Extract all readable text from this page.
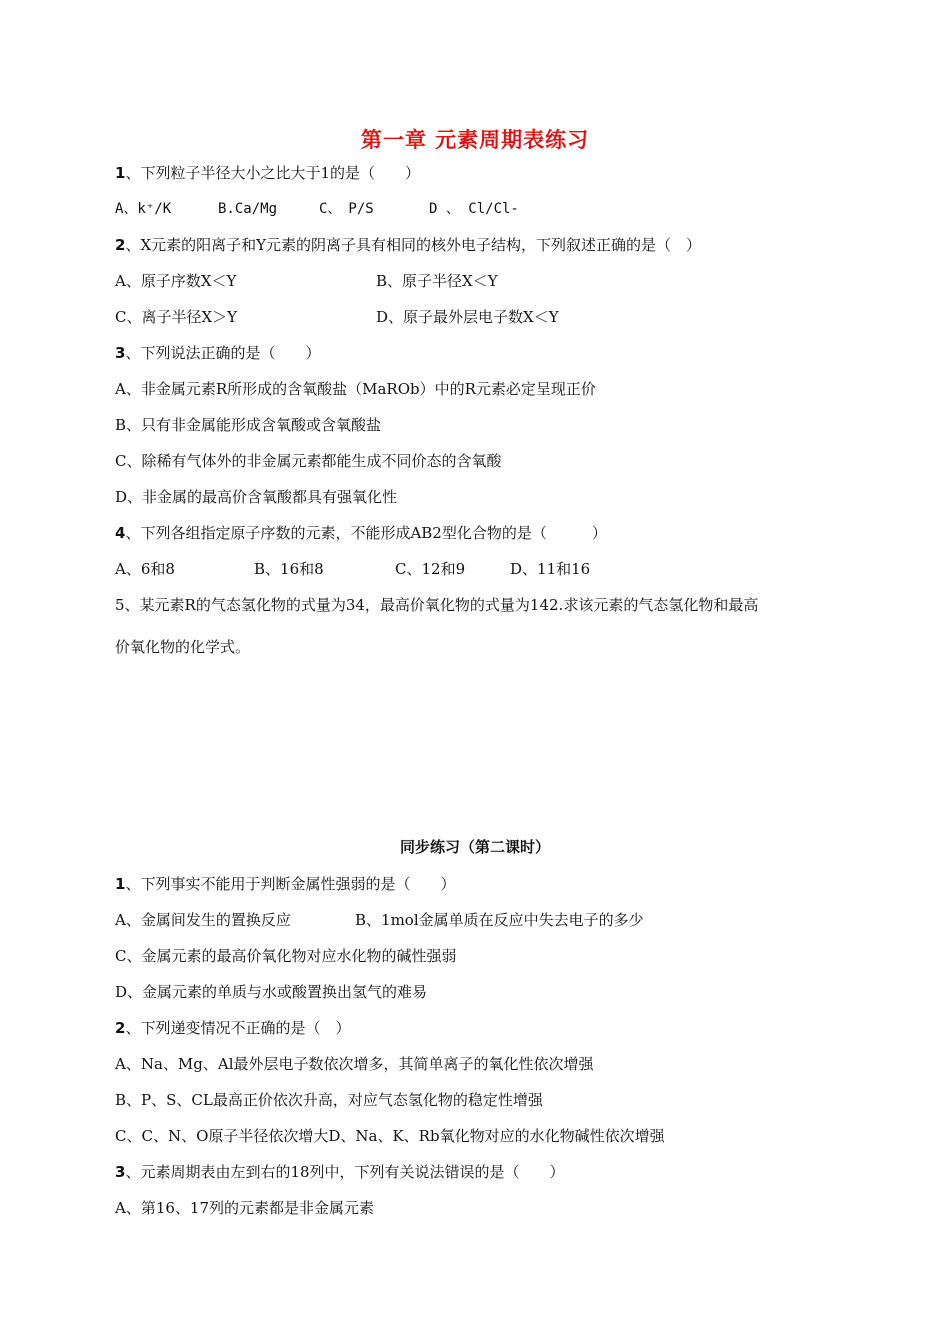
第一章 元素周期表练习
1、下列粒子半径大小之比大于1的是（　　）
A、k⁺/K	B.Ca/Mg	C、　P/S	D 、 Cl/Cl-
2、X元素的阳离子和Y元素的阴离子具有相同的核外电子结构，下列叙述正确的是（　）
A、原子序数X＜Y	B、原子半径X＜Y
C、离子半径X＞Y	D、原子最外层电子数X＜Y
3、下列说法正确的是（　　）
A、非金属元素R所形成的含氧酸盐（MaROb）中的R元素必定呈现正价
B、只有非金属能形成含氧酸或含氧酸盐
C、除稀有气体外的非金属元素都能生成不同价态的含氧酸
D、非金属的最高价含氧酸都具有强氧化性
4、下列各组指定原子序数的元素，不能形成AB2型化合物的是（　　　）
A、6和8	B、16和8	C、12和9	D、11和16
5、某元素R的气态氢化物的式量为34，最高价氧化物的式量为142.求该元素的气态氢化物和最高
价氧化物的化学式。
同步练习（第二课时）
1、下列事实不能用于判断金属性强弱的是（　　）
A、金属间发生的置换反应	B、1mol金属单质在反应中失去电子的多少
C、金属元素的最高价氧化物对应水化物的碱性强弱
D、金属元素的单质与水或酸置换出氢气的难易
2、下列递变情况不正确的是（　）
A、Na、Mg、Al最外层电子数依次增多，其简单离子的氧化性依次增强
B、P、S、CL最高正价依次升高，对应气态氢化物的稳定性增强
C、C、N、O原子半径依次增大D、Na、K、Rb氧化物对应的水化物碱性依次增强
3、元素周期表由左到右的18列中，下列有关说法错误的是（　　）
A、第16、17列的元素都是非金属元素
